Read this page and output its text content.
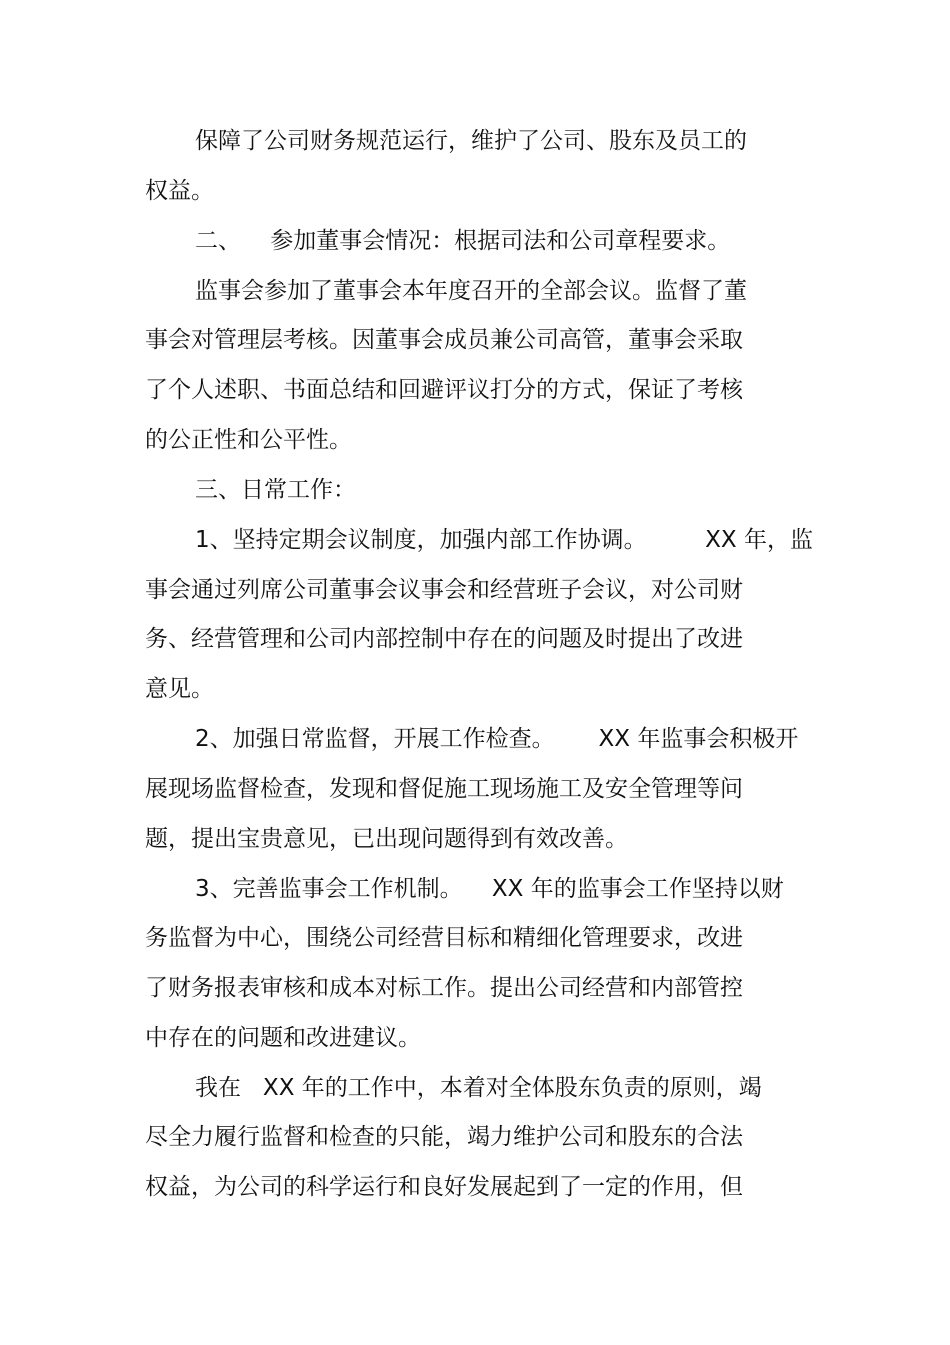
保障了公司财务规范运行，维护了公司、股东及员工的
权益。
二、    参加董事会情况：根据司法和公司章程要求。
监事会参加了董事会本年度召开的全部会议。监督了董
事会对管理层考核。因董事会成员兼公司高管，董事会采取
了个人述职、书面总结和回避评议打分的方式，保证了考核
的公正性和公平性。
三、日常工作：
1、坚持定期会议制度，加强内部工作协调。        XX 年，监
事会通过列席公司董事会议事会和经营班子会议，对公司财
务、经营管理和公司内部控制中存在的问题及时提出了改进
意见。
2、加强日常监督，开展工作检查。      XX 年监事会积极开
展现场监督检查，发现和督促施工现场施工及安全管理等问
题，提出宝贵意见，已出现问题得到有效改善。
3、完善监事会工作机制。    XX 年的监事会工作坚持以财
务监督为中心，围绕公司经营目标和精细化管理要求，改进
了财务报表审核和成本对标工作。提出公司经营和内部管控
中存在的问题和改进建议。
我在   XX 年的工作中，本着对全体股东负责的原则，竭
尽全力履行监督和检查的只能，竭力维护公司和股东的合法
权益，为公司的科学运行和良好发展起到了一定的作用，但
